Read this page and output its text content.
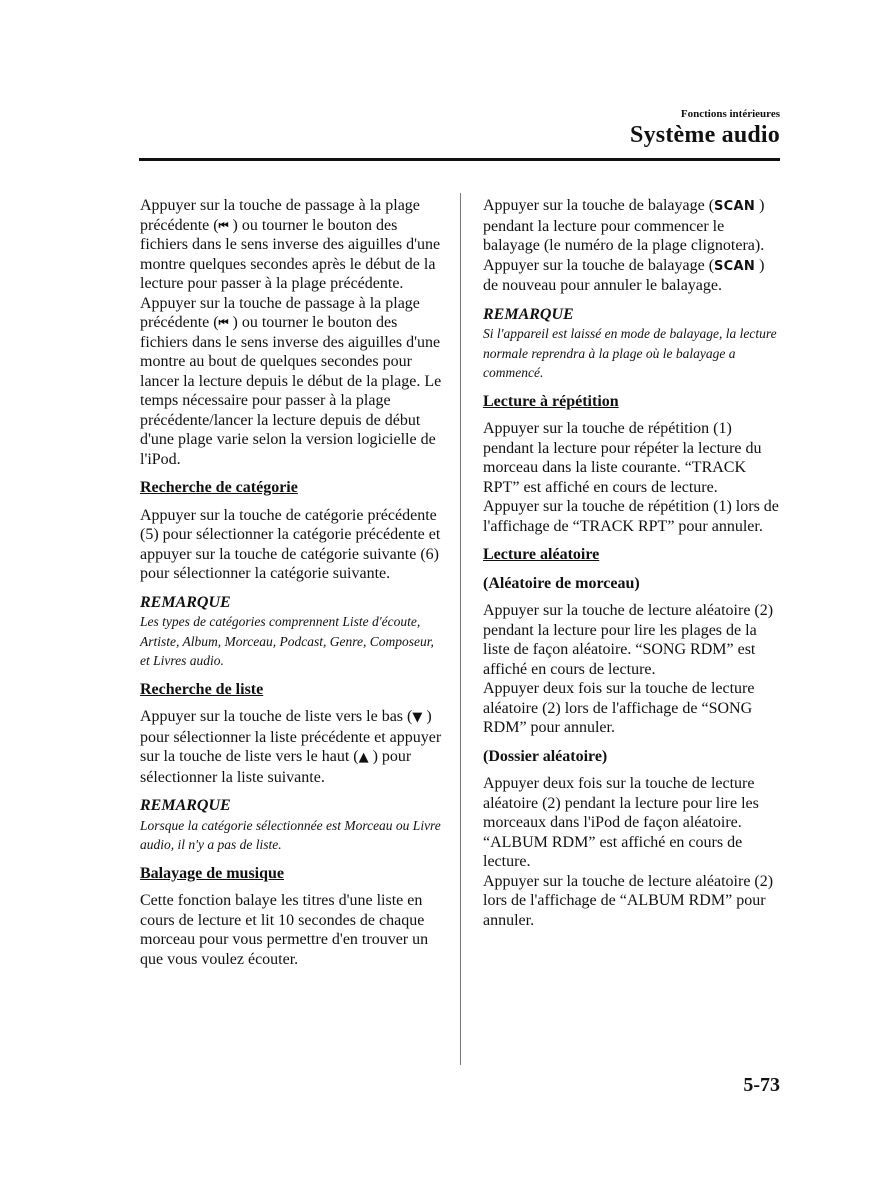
Fonctions intérieures
Système audio

Appuyer sur la touche de passage à la plage précédente (⏮ ) ou tourner le bouton des fichiers dans le sens inverse des aiguilles d'une montre quelques secondes après le début de la lecture pour passer à la plage précédente. Appuyer sur la touche de passage à la plage précédente (⏮ ) ou tourner le bouton des fichiers dans le sens inverse des aiguilles d'une montre au bout de quelques secondes pour lancer la lecture depuis le début de la plage. Le temps nécessaire pour passer à la plage précédente/lancer la lecture depuis de début d'une plage varie selon la version logicielle de l'iPod.

Recherche de catégorie

Appuyer sur la touche de catégorie précédente (5) pour sélectionner la catégorie précédente et appuyer sur la touche de catégorie suivante (6) pour sélectionner la catégorie suivante.

REMARQUE

Les types de catégories comprennent Liste d'écoute, Artiste, Album, Morceau, Podcast, Genre, Composeur, et Livres audio.

Recherche de liste

Appuyer sur la touche de liste vers le bas (▼ ) pour sélectionner la liste précédente et appuyer sur la touche de liste vers le haut (▲ ) pour sélectionner la liste suivante.

REMARQUE

Lorsque la catégorie sélectionnée est Morceau ou Livre audio, il n'y a pas de liste.

Balayage de musique

Cette fonction balaye les titres d'une liste en cours de lecture et lit 10 secondes de chaque morceau pour vous permettre d'en trouver un que vous voulez écouter.

Appuyer sur la touche de balayage (SCAN ) pendant la lecture pour commencer le balayage (le numéro de la plage clignotera). Appuyer sur la touche de balayage (SCAN ) de nouveau pour annuler le balayage.

REMARQUE

Si l'appareil est laissé en mode de balayage, la lecture normale reprendra à la plage où le balayage a commencé.

Lecture à répétition

Appuyer sur la touche de répétition (1) pendant la lecture pour répéter la lecture du morceau dans la liste courante. “TRACK RPT” est affiché en cours de lecture.

Appuyer sur la touche de répétition (1) lors de l'affichage de “TRACK RPT” pour annuler.

Lecture aléatoire

(Aléatoire de morceau)

Appuyer sur la touche de lecture aléatoire (2) pendant la lecture pour lire les plages de la liste de façon aléatoire. “SONG RDM” est affiché en cours de lecture.

Appuyer deux fois sur la touche de lecture aléatoire (2) lors de l'affichage de “SONG RDM” pour annuler.

(Dossier aléatoire)

Appuyer deux fois sur la touche de lecture aléatoire (2) pendant la lecture pour lire les morceaux dans l'iPod de façon aléatoire. “ALBUM RDM” est affiché en cours de lecture.

Appuyer sur la touche de lecture aléatoire (2) lors de l'affichage de “ALBUM RDM” pour annuler.

5-73
